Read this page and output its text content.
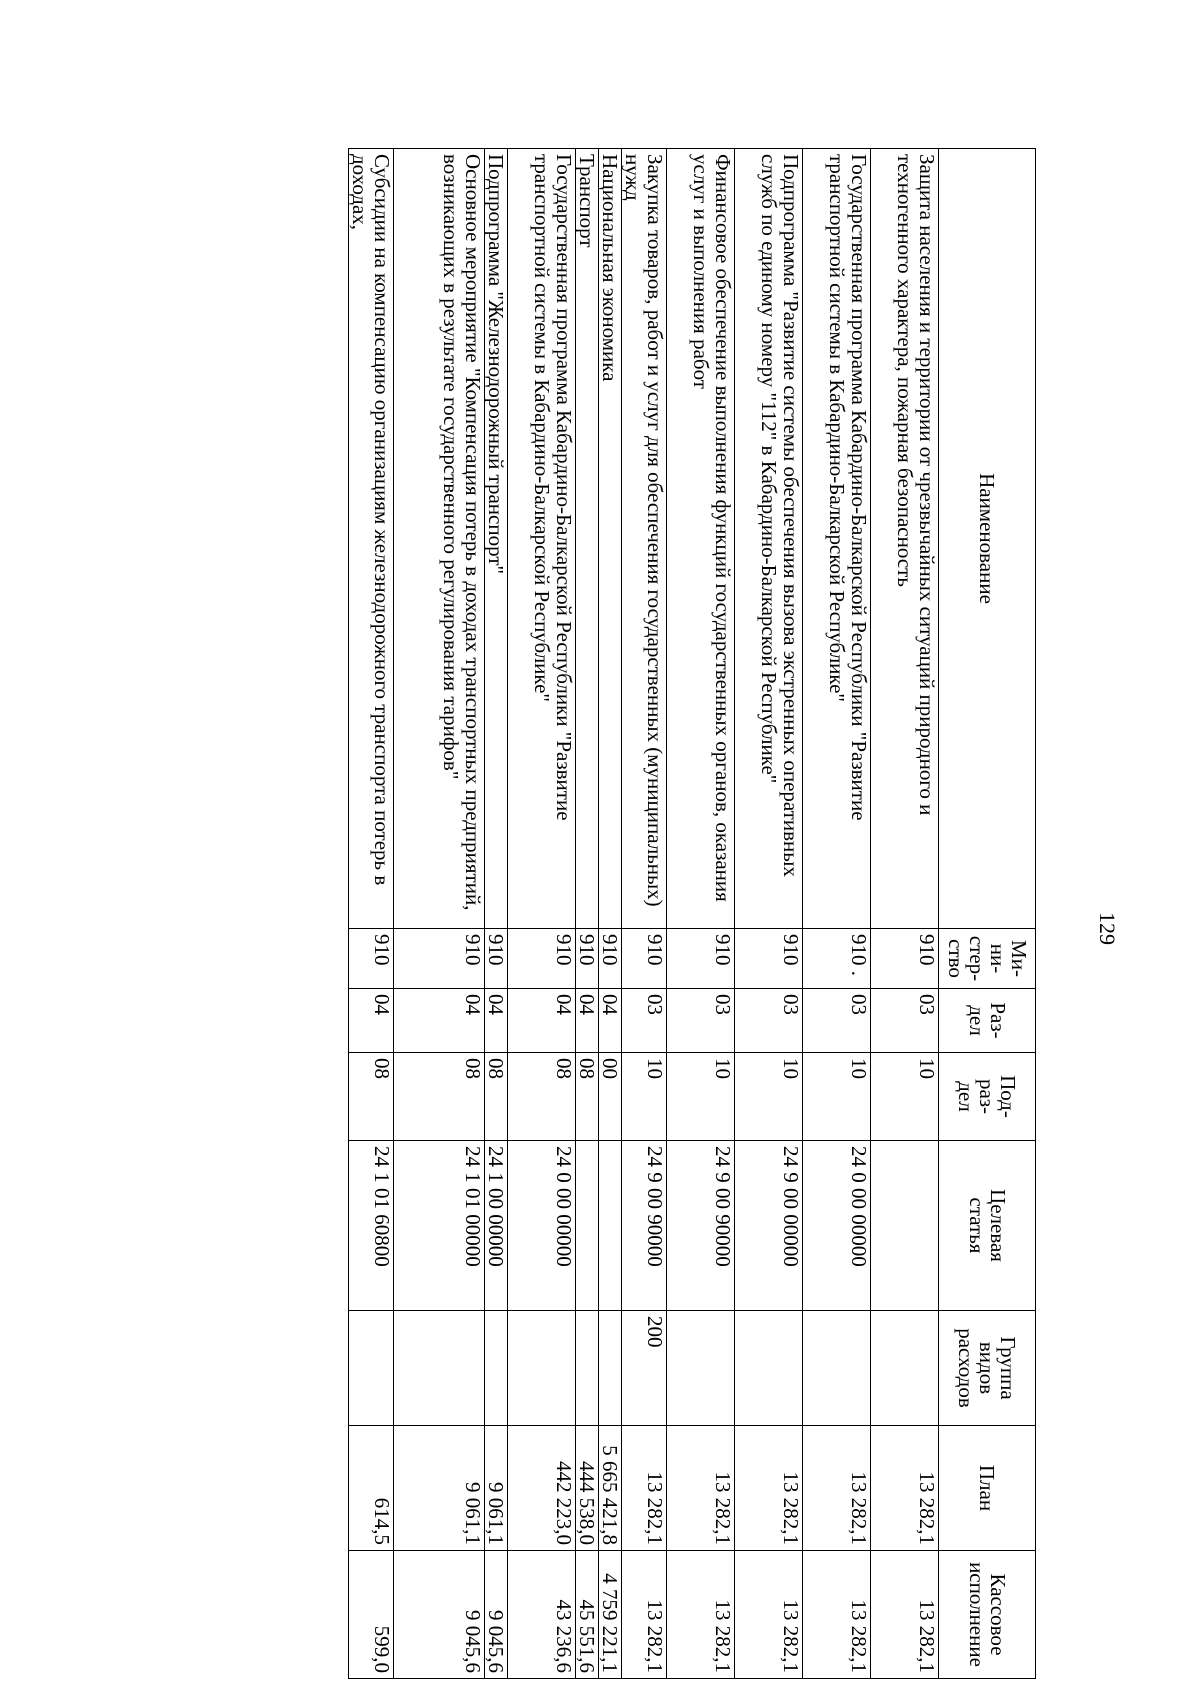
129
Наименование	Ми-
ни-
стер-
ство	Раз-
дел	Под-
раз-
дел	Целевая
статья	Группа
видов
расходов	План	Кассовое
исполнение
Защита населения и территории от чрезвычайных ситуаций природного и техногенного характера, пожарная безопасность	910	03	10			13 282,1	13 282,1
Государственная программа Кабардино-Балкарской Республики "Развитие транспортной системы в Кабардино-Балкарской Республике"	910 .	03	10	24 0 00 00000		13 282,1	13 282,1
Подпрограмма "Развитие системы обеспечения вызова экстренных оперативных служб по единому номеру "112" в Кабардино-Балкарской Республике"	910	03	10	24 9 00 00000		13 282,1	13 282,1
Финансовое обеспечение выполнения функций государственных органов, оказания услуг и выполнения работ	910	03	10	24 9 00 90000		13 282,1	13 282,1
Закупка товаров, работ и услуг для обеспечения государственных (муниципальных) нужд	910	03	10	24 9 00 90000	200	13 282,1	13 282,1
Национальная экономика	910	04	00			5 665 421,8	4 759 221,1
Транспорт	910	04	08			444 538,0	45 551,6
Государственная программа Кабардино-Балкарской Республики "Развитие транспортной системы в Кабардино-Балкарской Республике"	910	04	08	24 0 00 00000		442 223,0	43 236,6
Подпрограмма "Железнодорожный транспорт"	910	04	08	24 1 00 00000		9 061,1	9 045,6
Основное мероприятие "Компенсация потерь в доходах транспортных предприятий, возникающих в результате государственного регулирования тарифов"	910	04	08	24 1 01 00000		9 061,1	9 045,6
Субсидии на компенсацию организациям железнодорожного транспорта потерь в доходах,	910	04	08	24 1 01 60800		614,5	599,0
